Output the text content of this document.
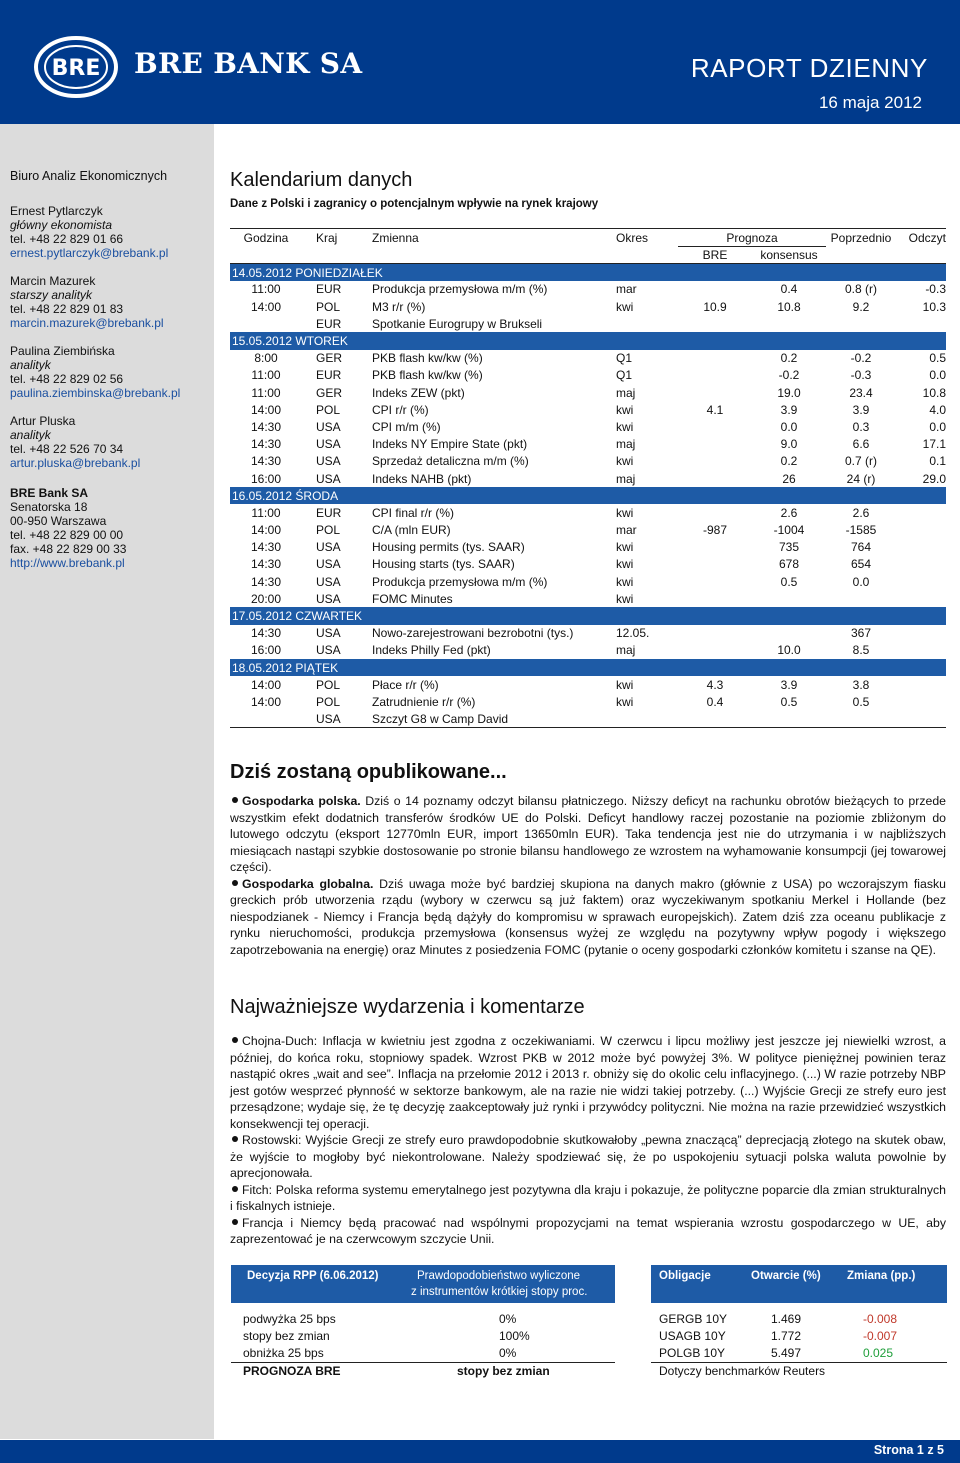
BRE BRE BANK SA	RAPORT DZIENNY
16 maja 2012
Biuro Analiz Ekonomicznych
Ernest Pytlarczyk
główny ekonomista
tel. +48 22 829 01 66
ernest.pytlarczyk@brebank.pl
Marcin Mazurek
starszy analityk
tel. +48 22 829 01 83
marcin.mazurek@brebank.pl
Paulina Ziembińska
analityk
tel. +48 22 829 02 56
paulina.ziembinska@brebank.pl
Artur Pluska
analityk
tel. +48 22 526 70 34
artur.pluska@brebank.pl
BRE Bank SA
Senatorska 18
00-950 Warszawa
tel. +48 22 829 00 00
fax. +48 22 829 00 33
http://www.brebank.pl
Kalendarium danych
Dane z Polski i zagranicy o potencjalnym wpływie na rynek krajowy
Godzina	Kraj	Zmienna	Okres	Prognoza		Poprzednio	Odczyt
				BRE	konsensus		
14.05.2012 PONIEDZIAŁEK							
11:00	EUR	Produkcja przemysłowa m/m (%)	mar		0.4	0.8 (r)	-0.3
14:00	POL	M3 r/r (%)	kwi	10.9	10.8	9.2	10.3
	EUR	Spotkanie Eurogrupy w Brukseli					
15.05.2012 WTOREK							
8:00	GER	PKB flash kw/kw (%)	Q1		0.2	-0.2	0.5
11:00	EUR	PKB flash kw/kw (%)	Q1		-0.2	-0.3	0.0
11:00	GER	Indeks ZEW (pkt)	maj		19.0	23.4	10.8
14:00	POL	CPI r/r (%)	kwi	4.1	3.9	3.9	4.0
14:30	USA	CPI m/m (%)	kwi		0.0	0.3	0.0
14:30	USA	Indeks NY Empire State (pkt)	maj		9.0	6.6	17.1
14:30	USA	Sprzedaż detaliczna m/m (%)	kwi		0.2	0.7 (r)	0.1
16:00	USA	Indeks NAHB (pkt)	maj		26	24 (r)	29.0
16.05.2012 ŚRODA							
11:00	EUR	CPI final r/r (%)	kwi		2.6	2.6	
14:00	POL	C/A (mln EUR)	mar	-987	-1004	-1585	
14:30	USA	Housing permits (tys. SAAR)	kwi		735	764	
14:30	USA	Housing starts (tys. SAAR)	kwi		678	654	
14:30	USA	Produkcja przemysłowa m/m (%)	kwi		0.5	0.0	
20:00	USA	FOMC Minutes	kwi				
17.05.2012 CZWARTEK							
14:30	USA	Nowo-zarejestrowani bezrobotni (tys.)	12.05.			367	
16:00	USA	Indeks Philly Fed (pkt)	maj		10.0	8.5	
18.05.2012 PIĄTEK							
14:00	POL	Płace r/r (%)	kwi	4.3	3.9	3.8	
14:00	POL	Zatrudnienie r/r (%)	kwi	0.4	0.5	0.5	
	USA	Szczyt G8 w Camp David					
Dziś zostaną opublikowane...
Gospodarka polska. Dziś o 14 poznamy odczyt bilansu płatniczego. Niższy deficyt na rachunku obrotów bieżących to przede wszystkim efekt dodatnich transferów środków UE do Polski. Deficyt handlowy raczej pozostanie na poziomie zbliżonym do lutowego odczytu (eksport 12770mln EUR, import 13650mln EUR). Taka tendencja jest nie do utrzymania i w najbliższych miesiącach nastąpi szybkie dostosowanie po stronie bilansu handlowego ze wzrostem na wyhamowanie konsumpcji (jej towarowej części).
Gospodarka globalna. Dziś uwaga może być bardziej skupiona na danych makro (głównie z USA) po wczorajszym fiasku greckich prób utworzenia rządu (wybory w czerwcu są już faktem) oraz wyczekiwanym spotkaniu Merkel i Hollande (bez niespodzianek - Niemcy i Francja będą dążyły do kompromisu w sprawach europejskich). Zatem dziś zza oceanu publikacje z rynku nieruchomości, produkcja przemysłowa (konsensus wyżej ze względu na pozytywny wpływ pogody i większego zapotrzebowania na energię) oraz Minutes z posiedzenia FOMC (pytanie o oceny gospodarki członków komitetu i szanse na QE).
Najważniejsze wydarzenia i komentarze

Chojna-Duch: Inflacja w kwietniu jest zgodna z oczekiwaniami. W czerwcu i lipcu możliwy jest jeszcze jej niewielki wzrost, a później, do końca roku, stopniowy spadek. Wzrost PKB w 2012 może być powyżej 3%. W polityce pieniężnej powinien teraz nastąpić okres „wait and see”. Inflacja na przełomie 2012 i 2013 r. obniży się do okolic celu inflacyjnego. (...) W razie potrzeby NBP jest gotów wesprzeć płynność w sektorze bankowym, ale na razie nie widzi takiej potrzeby. (...) Wyjście Grecji ze strefy euro jest przesądzone; wydaje się, że tę decyzję zaakceptowały już rynki i przywódcy polityczni. Nie można na razie przewidzieć wszystkich konsekwencji tej operacji.

Rostowski: Wyjście Grecji ze strefy euro prawdopodobnie skutkowałoby „pewna znaczącą” deprecjacją złotego na skutek obaw, że wyjście to mogłoby być niekontrolowane. Należy spodziewać się, że po uspokojeniu sytuacji polska waluta powolnie by aprecjonowała.

Fitch: Polska reforma systemu emerytalnego jest pozytywna dla kraju i pokazuje, że polityczne poparcie dla zmian strukturalnych i fiskalnych istnieje.

Francja i Niemcy będą pracować nad wspólnymi propozycjami na temat wspierania wzrostu gospodarczego w UE, aby zaprezentować je na czerwcowym szczycie Unii.

Decyzja RPP (6.06.2012)	Prawdopodobieństwo wyliczone
z instrumentów krótkiej stopy proc.
podwyżka 25 bps	0%
stopy bez zmian	100%
obniżka 25 bps	0%
PROGNOZA BRE	stopy bez zmian
Obligacje	Otwarcie (%) Zmiana (pp.)
GERGB 10Y	1.469	-0.008
USAGB 10Y	1.772	-0.007
POLGB 10Y	5.497	0.025
Dotyczy benchmarków Reuters
Strona 1 z 5
